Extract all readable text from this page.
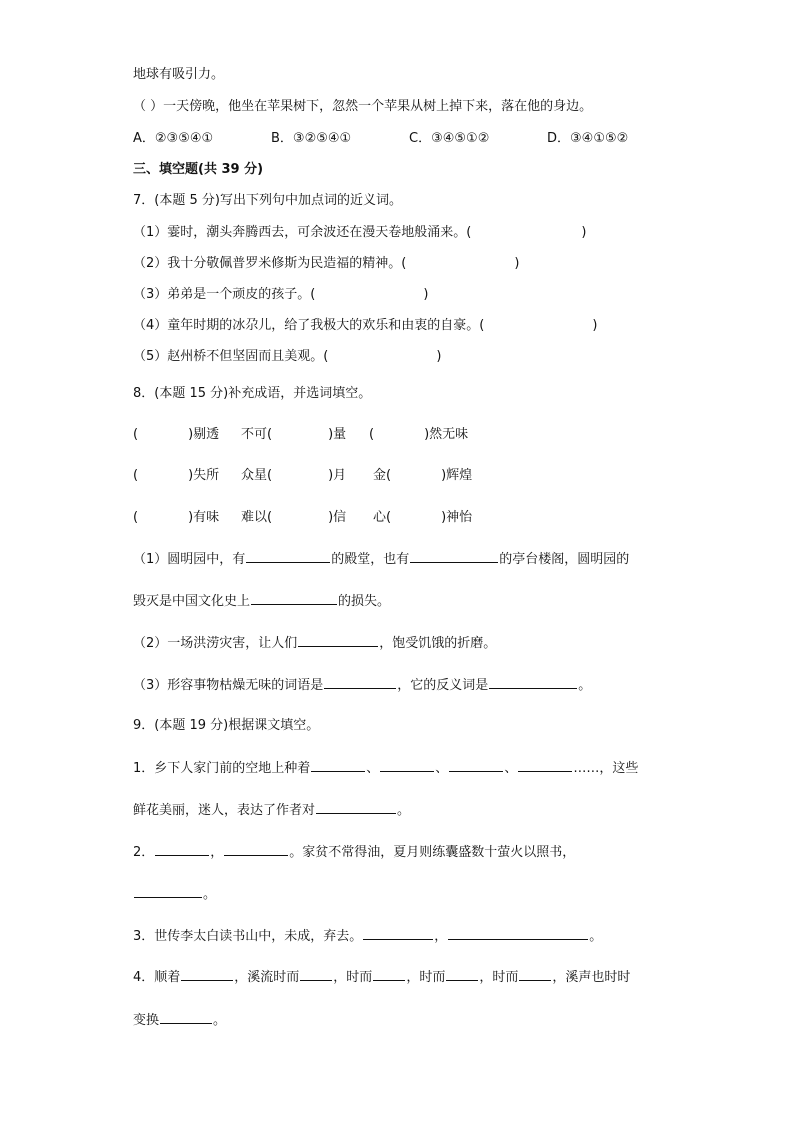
地球有吸引力。
（ ）一天傍晚，他坐在苹果树下，忽然一个苹果从树上掉下来，落在他的身边。
A．②③⑤④①	B．③②⑤④①	C．③④⑤①②	D．③④①⑤②
三、填空题(共 39 分)
7．(本题 5 分)写出下列句中加点词的近义词。
（1）霎时，潮头奔腾西去，可余波还在漫天卷地般涌来。(	)
（2）我十分敬佩普罗米修斯为民造福的精神。(	)
（3）弟弟是一个顽皮的孩子。(	)
（4）童年时期的冰尕儿，给了我极大的欢乐和由衷的自豪。(	)
（5）赵州桥不但坚固而且美观。(	)
8．(本题 15 分)补充成语，并选词填空。
(	)剔透 不可(	)量 (	)然无味
(	)失所 众星(	)月 金(	)辉煌
(	)有味 难以(	)信 心(	)神怡
（1）圆明园中，有	的殿堂，也有	的亭台楼阁，圆明园的
毁灭是中国文化史上	的损失。
（2）一场洪涝灾害，让人们	，饱受饥饿的折磨。
（3）形容事物枯燥无味的词语是	，它的反义词是	。
9．(本题 19 分)根据课文填空。
1．乡下人家门前的空地上种着	、	、	、	……，这些
鲜花美丽，迷人，表达了作者对	。
2．	，	。家贫不常得油，夏月则练囊盛数十萤火以照书，
。
3．世传李太白读书山中，未成，弃去。	，	。
4．顺着	，溪流时而	，时而	，时而	，时而	，溪声也时时
变换	。
